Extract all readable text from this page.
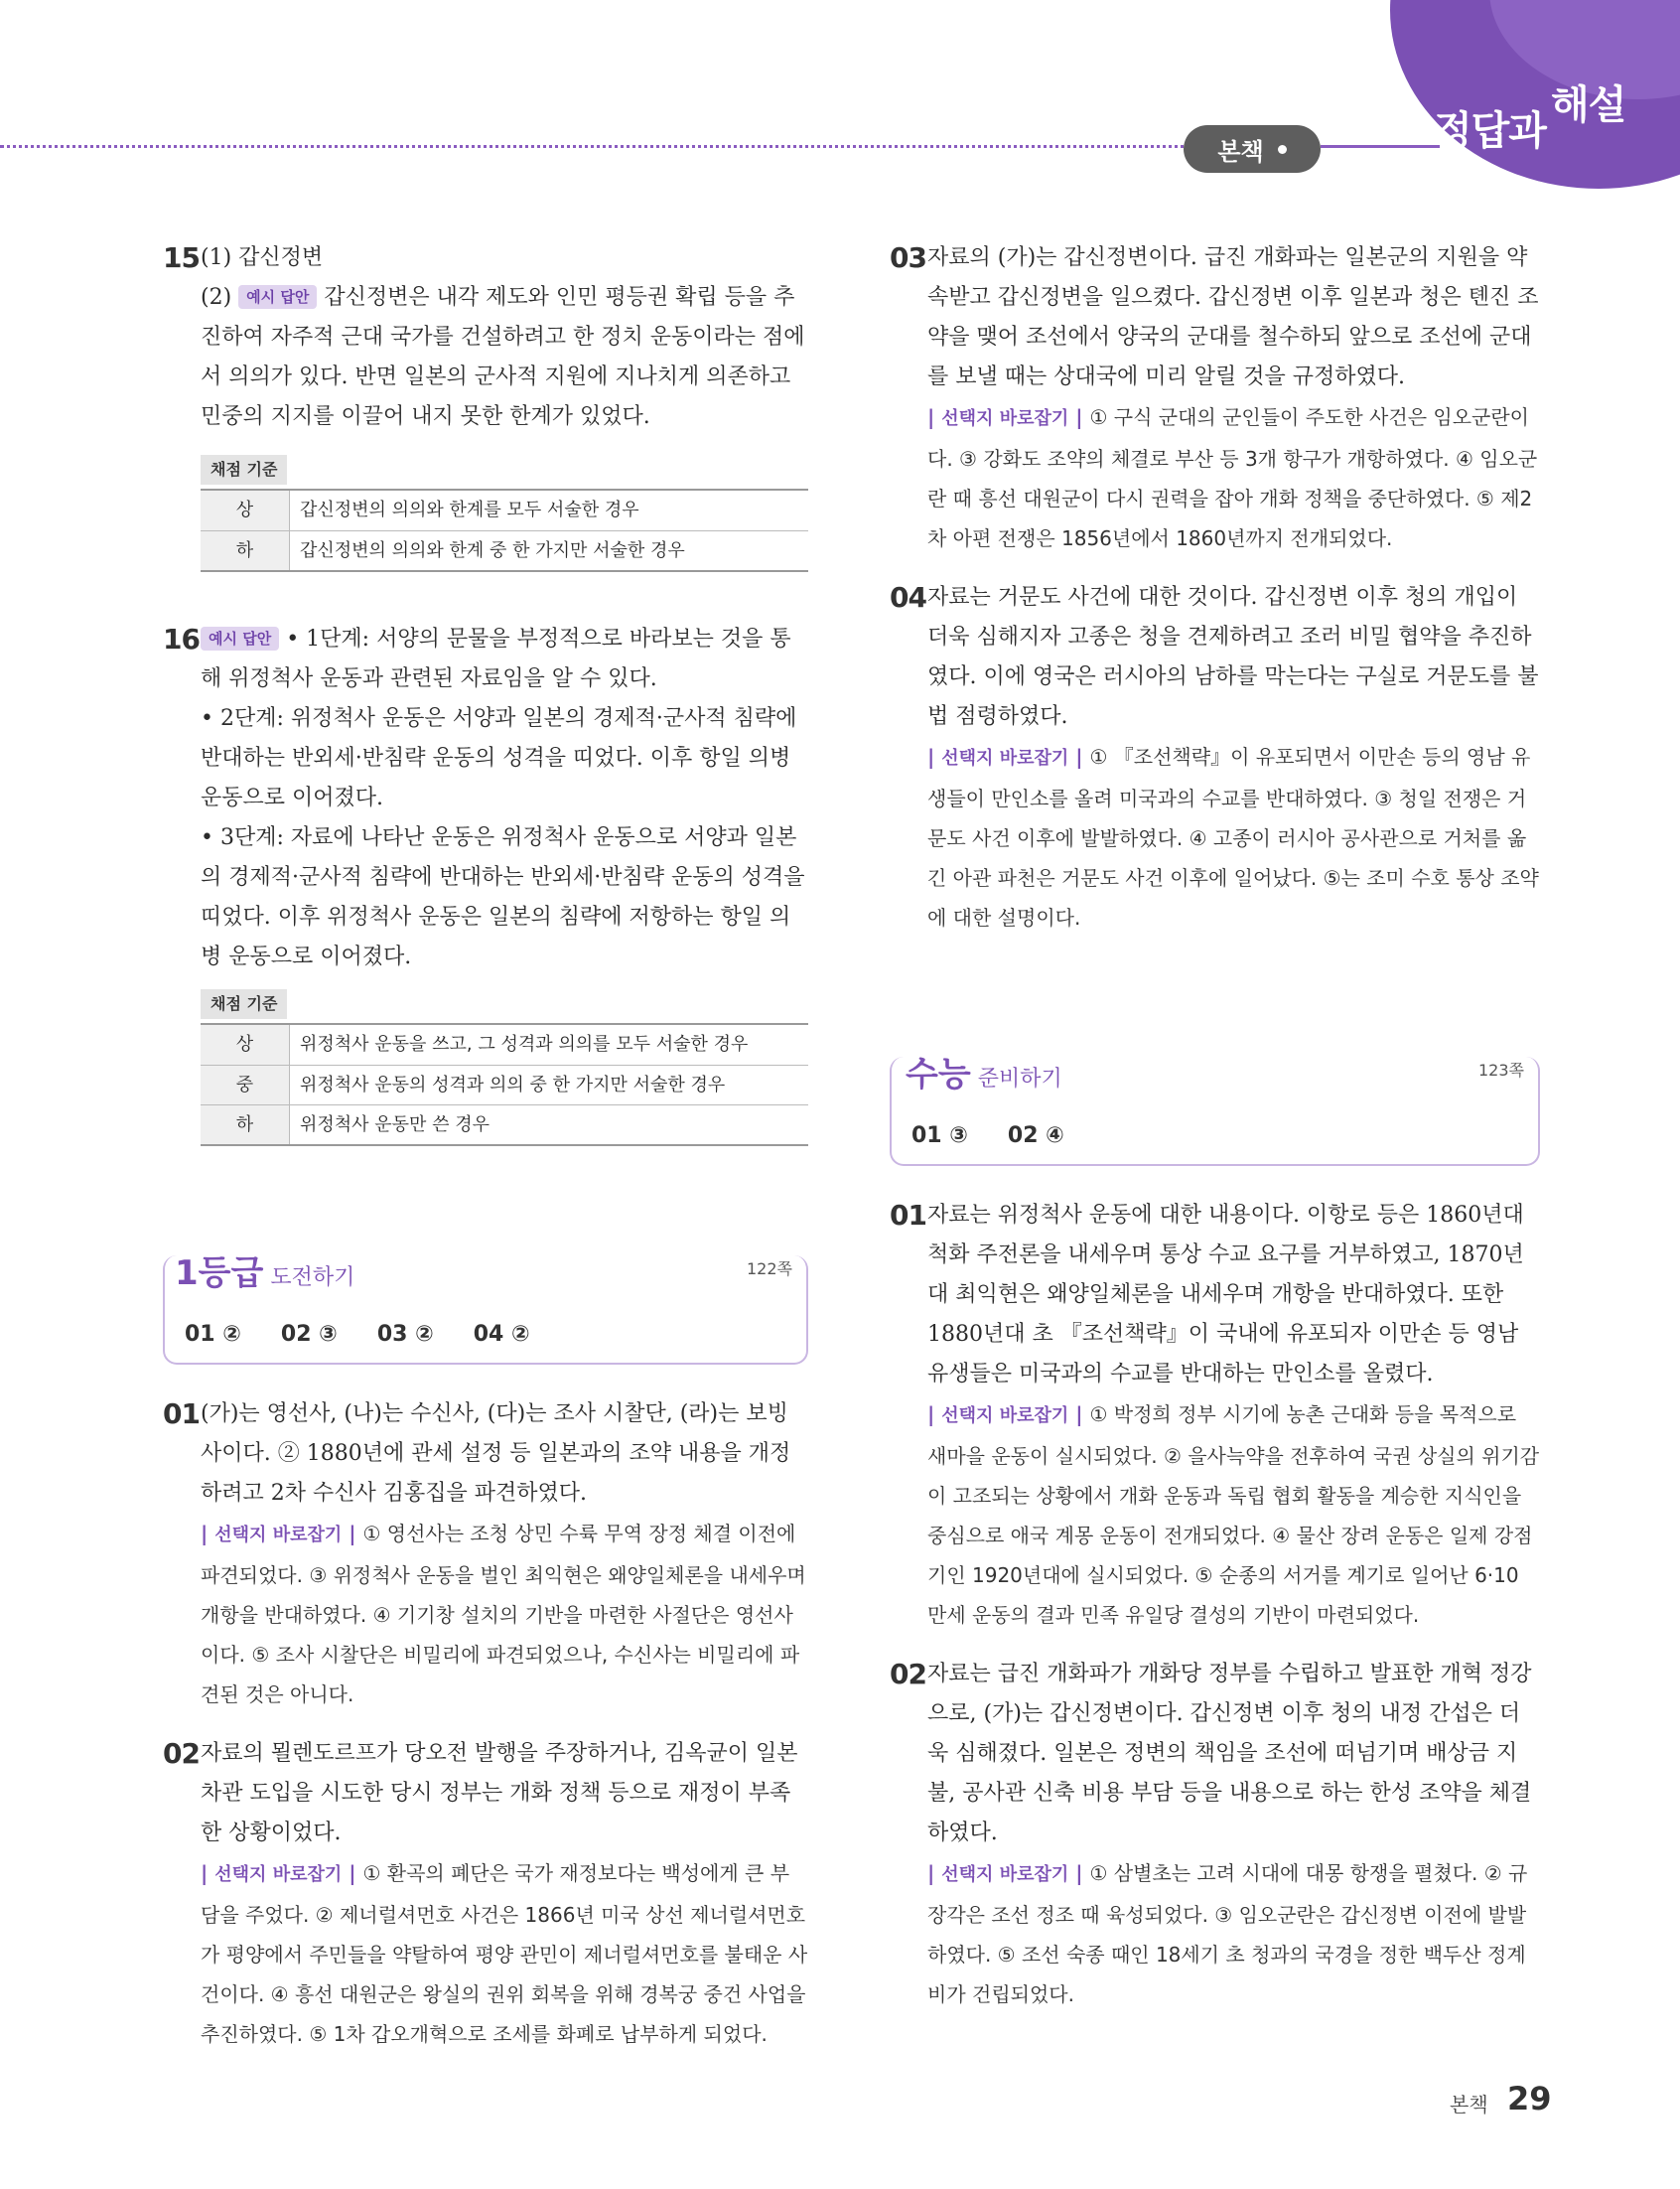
본책	정답과
해설
15 (1) 갑신정변
(2) 예시 답안 갑신정변은 내각 제도와 인민 평등권 확립 등을 추진하여 자주적 근대 국가를 건설하려고 한 정치 운동이라는 점에서 의의가 있다. 반면 일본의 군사적 지원에 지나치게 의존하고 민중의 지지를 이끌어 내지 못한 한계가 있었다.
채점 기준
상	갑신정변의 의의와 한계를 모두 서술한 경우
하	갑신정변의 의의와 한계 중 한 가지만 서술한 경우
16 예시 답안 • 1단계: 서양의 문물을 부정적으로 바라보는 것을 통해 위정척사 운동과 관련된 자료임을 알 수 있다.
• 2단계: 위정척사 운동은 서양과 일본의 경제적·군사적 침략에 반대하는 반외세·반침략 운동의 성격을 띠었다. 이후 항일 의병 운동으로 이어졌다.
• 3단계: 자료에 나타난 운동은 위정척사 운동으로 서양과 일본의 경제적·군사적 침략에 반대하는 반외세·반침략 운동의 성격을 띠었다. 이후 위정척사 운동은 일본의 침략에 저항하는 항일 의병 운동으로 이어졌다.
채점 기준
상	위정척사 운동을 쓰고, 그 성격과 의의를 모두 서술한 경우
중	위정척사 운동의 성격과 의의 중 한 가지만 서술한 경우
하	위정척사 운동만 쓴 경우
1등급 도전하기	122쪽
01 ② 02 ③ 03 ② 04 ②
01 (가)는 영선사, (나)는 수신사, (다)는 조사 시찰단, (라)는 보빙사이다. ② 1880년에 관세 설정 등 일본과의 조약 내용을 개정하려고 2차 수신사 김홍집을 파견하였다.
| 선택지 바로잡기 | ① 영선사는 조청 상민 수륙 무역 장정 체결 이전에 파견되었다. ③ 위정척사 운동을 벌인 최익현은 왜양일체론을 내세우며 개항을 반대하였다. ④ 기기창 설치의 기반을 마련한 사절단은 영선사이다. ⑤ 조사 시찰단은 비밀리에 파견되었으나, 수신사는 비밀리에 파견된 것은 아니다.
02 자료의 묄렌도르프가 당오전 발행을 주장하거나, 김옥균이 일본 차관 도입을 시도한 당시 정부는 개화 정책 등으로 재정이 부족한 상황이었다.
| 선택지 바로잡기 | ① 환곡의 폐단은 국가 재정보다는 백성에게 큰 부담을 주었다. ② 제너럴셔먼호 사건은 1866년 미국 상선 제너럴셔먼호가 평양에서 주민들을 약탈하여 평양 관민이 제너럴셔먼호를 불태운 사건이다. ④ 흥선 대원군은 왕실의 권위 회복을 위해 경복궁 중건 사업을 추진하였다. ⑤ 1차 갑오개혁으로 조세를 화폐로 납부하게 되었다.
03 자료의 (가)는 갑신정변이다. 급진 개화파는 일본군의 지원을 약속받고 갑신정변을 일으켰다. 갑신정변 이후 일본과 청은 톈진 조약을 맺어 조선에서 양국의 군대를 철수하되 앞으로 조선에 군대를 보낼 때는 상대국에 미리 알릴 것을 규정하였다.
| 선택지 바로잡기 | ① 구식 군대의 군인들이 주도한 사건은 임오군란이다. ③ 강화도 조약의 체결로 부산 등 3개 항구가 개항하였다. ④ 임오군란 때 흥선 대원군이 다시 권력을 잡아 개화 정책을 중단하였다. ⑤ 제2차 아편 전쟁은 1856년에서 1860년까지 전개되었다.
04 자료는 거문도 사건에 대한 것이다. 갑신정변 이후 청의 개입이 더욱 심해지자 고종은 청을 견제하려고 조러 비밀 협약을 추진하였다. 이에 영국은 러시아의 남하를 막는다는 구실로 거문도를 불법 점령하였다.
| 선택지 바로잡기 | ① 『조선책략』이 유포되면서 이만손 등의 영남 유생들이 만인소를 올려 미국과의 수교를 반대하였다. ③ 청일 전쟁은 거문도 사건 이후에 발발하였다. ④ 고종이 러시아 공사관으로 거처를 옮긴 아관 파천은 거문도 사건 이후에 일어났다. ⑤는 조미 수호 통상 조약에 대한 설명이다.
수능 준비하기	123쪽
01 ③ 02 ④
01 자료는 위정척사 운동에 대한 내용이다. 이항로 등은 1860년대 척화 주전론을 내세우며 통상 수교 요구를 거부하였고, 1870년대 최익현은 왜양일체론을 내세우며 개항을 반대하였다. 또한 1880년대 초 『조선책략』이 국내에 유포되자 이만손 등 영남 유생들은 미국과의 수교를 반대하는 만인소를 올렸다.
| 선택지 바로잡기 | ① 박정희 정부 시기에 농촌 근대화 등을 목적으로 새마을 운동이 실시되었다. ② 을사늑약을 전후하여 국권 상실의 위기감이 고조되는 상황에서 개화 운동과 독립 협회 활동을 계승한 지식인을 중심으로 애국 계몽 운동이 전개되었다. ④ 물산 장려 운동은 일제 강점기인 1920년대에 실시되었다. ⑤ 순종의 서거를 계기로 일어난 6·10 만세 운동의 결과 민족 유일당 결성의 기반이 마련되었다.
02 자료는 급진 개화파가 개화당 정부를 수립하고 발표한 개혁 정강으로, (가)는 갑신정변이다. 갑신정변 이후 청의 내정 간섭은 더욱 심해졌다. 일본은 정변의 책임을 조선에 떠넘기며 배상금 지불, 공사관 신축 비용 부담 등을 내용으로 하는 한성 조약을 체결하였다.
| 선택지 바로잡기 | ① 삼별초는 고려 시대에 대몽 항쟁을 펼쳤다. ② 규장각은 조선 정조 때 육성되었다. ③ 임오군란은 갑신정변 이전에 발발하였다. ⑤ 조선 숙종 때인 18세기 초 청과의 국경을 정한 백두산 정계비가 건립되었다.
본책 29
